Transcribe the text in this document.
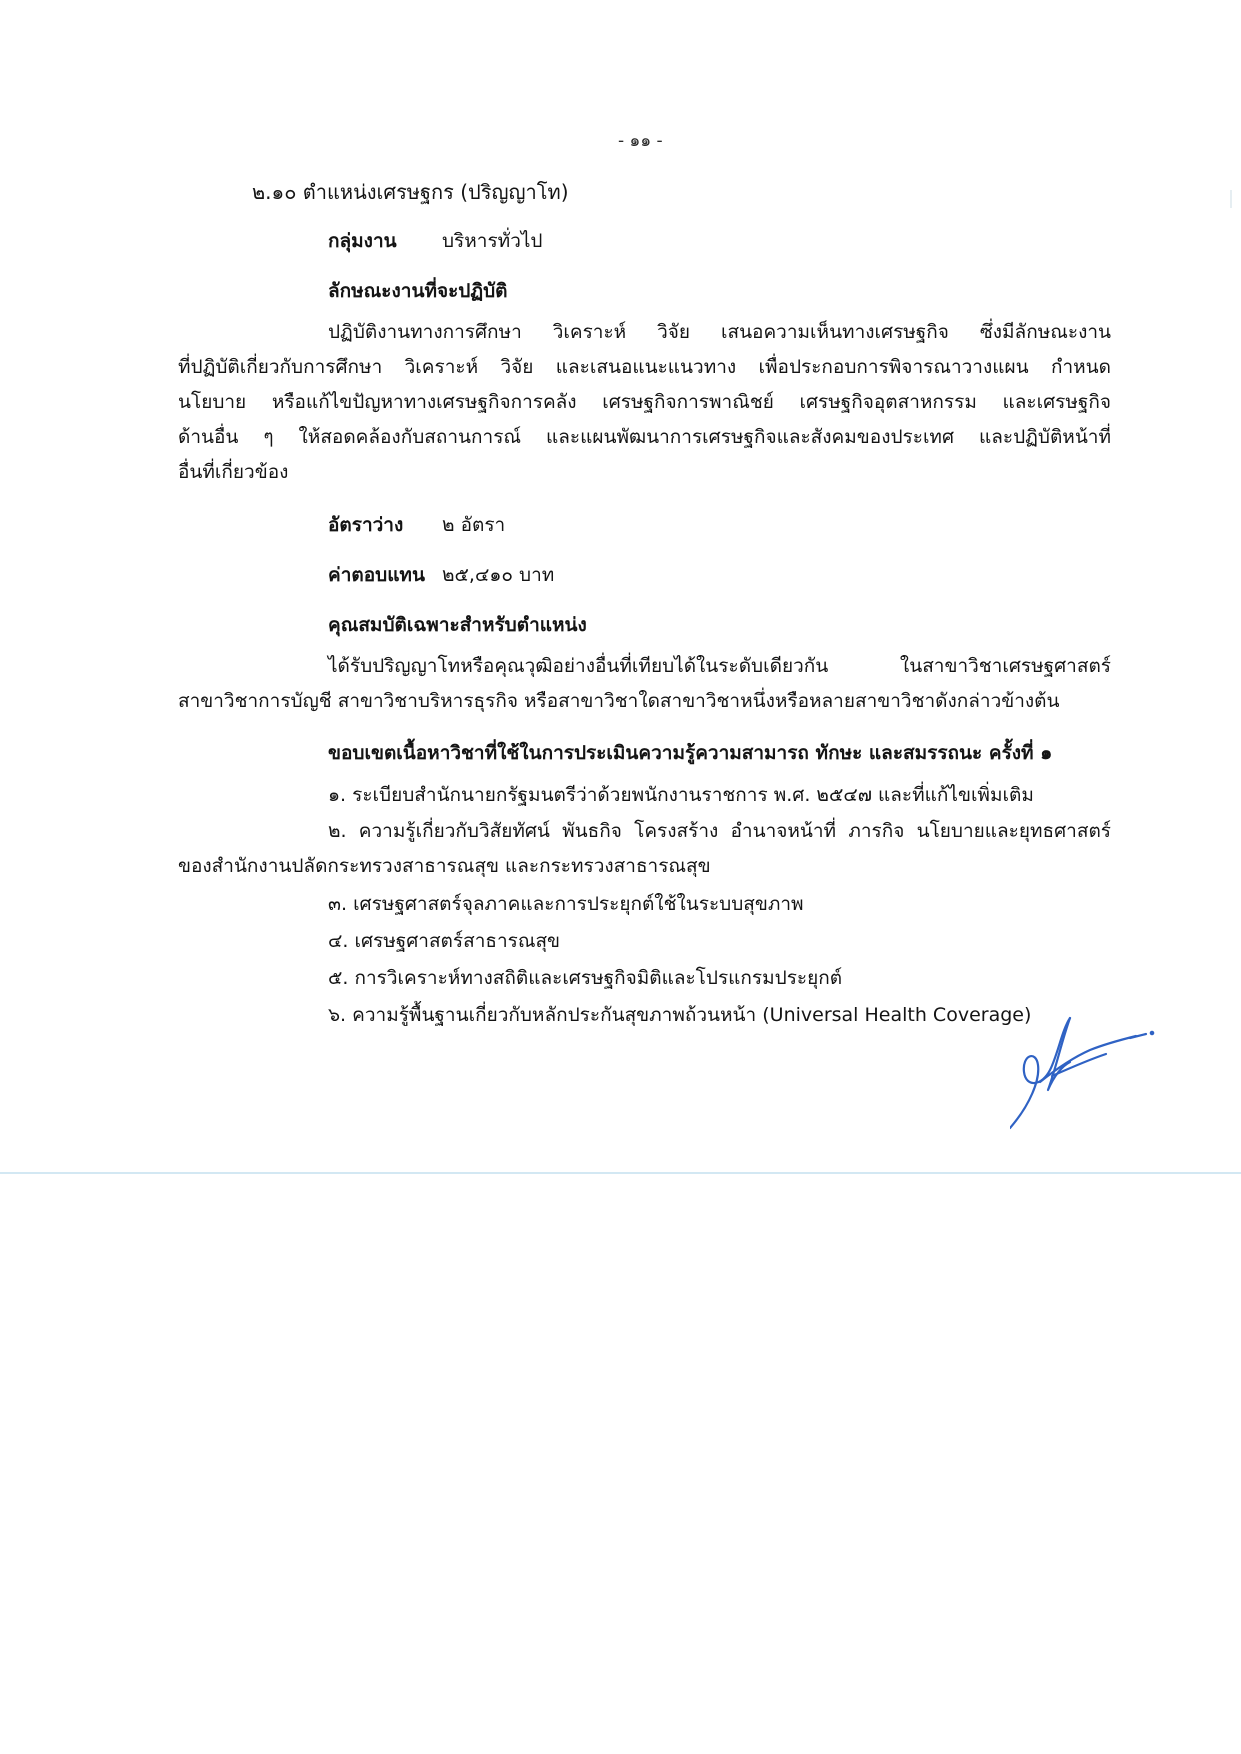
- ๑๑ -
๒.๑๐ ตำแหน่งเศรษฐกร (ปริญญาโท)
กลุ่มงาน บริหารทั่วไป
ลักษณะงานที่จะปฏิบัติ
ปฏิบัติงานทางการศึกษา วิเคราะห์ วิจัย เสนอความเห็นทางเศรษฐกิจ ซึ่งมีลักษณะงาน
ที่ปฏิบัติเกี่ยวกับการศึกษา วิเคราะห์ วิจัย และเสนอแนะแนวทาง เพื่อประกอบการพิจารณาวางแผน กำหนด
นโยบาย หรือแก้ไขปัญหาทางเศรษฐกิจการคลัง เศรษฐกิจการพาณิชย์ เศรษฐกิจอุตสาหกรรม และเศรษฐกิจ
ด้านอื่น ๆ ให้สอดคล้องกับสถานการณ์ และแผนพัฒนาการเศรษฐกิจและสังคมของประเทศ และปฏิบัติหน้าที่
อื่นที่เกี่ยวข้อง
อัตราว่าง ๒ อัตรา
ค่าตอบแทน ๒๕,๔๑๐ บาท
คุณสมบัติเฉพาะสำหรับตำแหน่ง
ได้รับปริญญาโทหรือคุณวุฒิอย่างอื่นที่เทียบได้ในระดับเดียวกัน ในสาขาวิชาเศรษฐศาสตร์
สาขาวิชาการบัญชี สาขาวิชาบริหารธุรกิจ หรือสาขาวิชาใดสาขาวิชาหนึ่งหรือหลายสาขาวิชาดังกล่าวข้างต้น
ขอบเขตเนื้อหาวิชาที่ใช้ในการประเมินความรู้ความสามารถ ทักษะ และสมรรถนะ ครั้งที่ ๑
๑. ระเบียบสำนักนายกรัฐมนตรีว่าด้วยพนักงานราชการ พ.ศ. ๒๕๔๗ และที่แก้ไขเพิ่มเติม
๒. ความรู้เกี่ยวกับวิสัยทัศน์ พันธกิจ โครงสร้าง อำนาจหน้าที่ ภารกิจ นโยบายและยุทธศาสตร์
ของสำนักงานปลัดกระทรวงสาธารณสุข และกระทรวงสาธารณสุข
๓. เศรษฐศาสตร์จุลภาคและการประยุกต์ใช้ในระบบสุขภาพ
๔. เศรษฐศาสตร์สาธารณสุข
๕. การวิเคราะห์ทางสถิติและเศรษฐกิจมิติและโปรแกรมประยุกต์
๖. ความรู้พื้นฐานเกี่ยวกับหลักประกันสุขภาพถ้วนหน้า (Universal Health Coverage)
